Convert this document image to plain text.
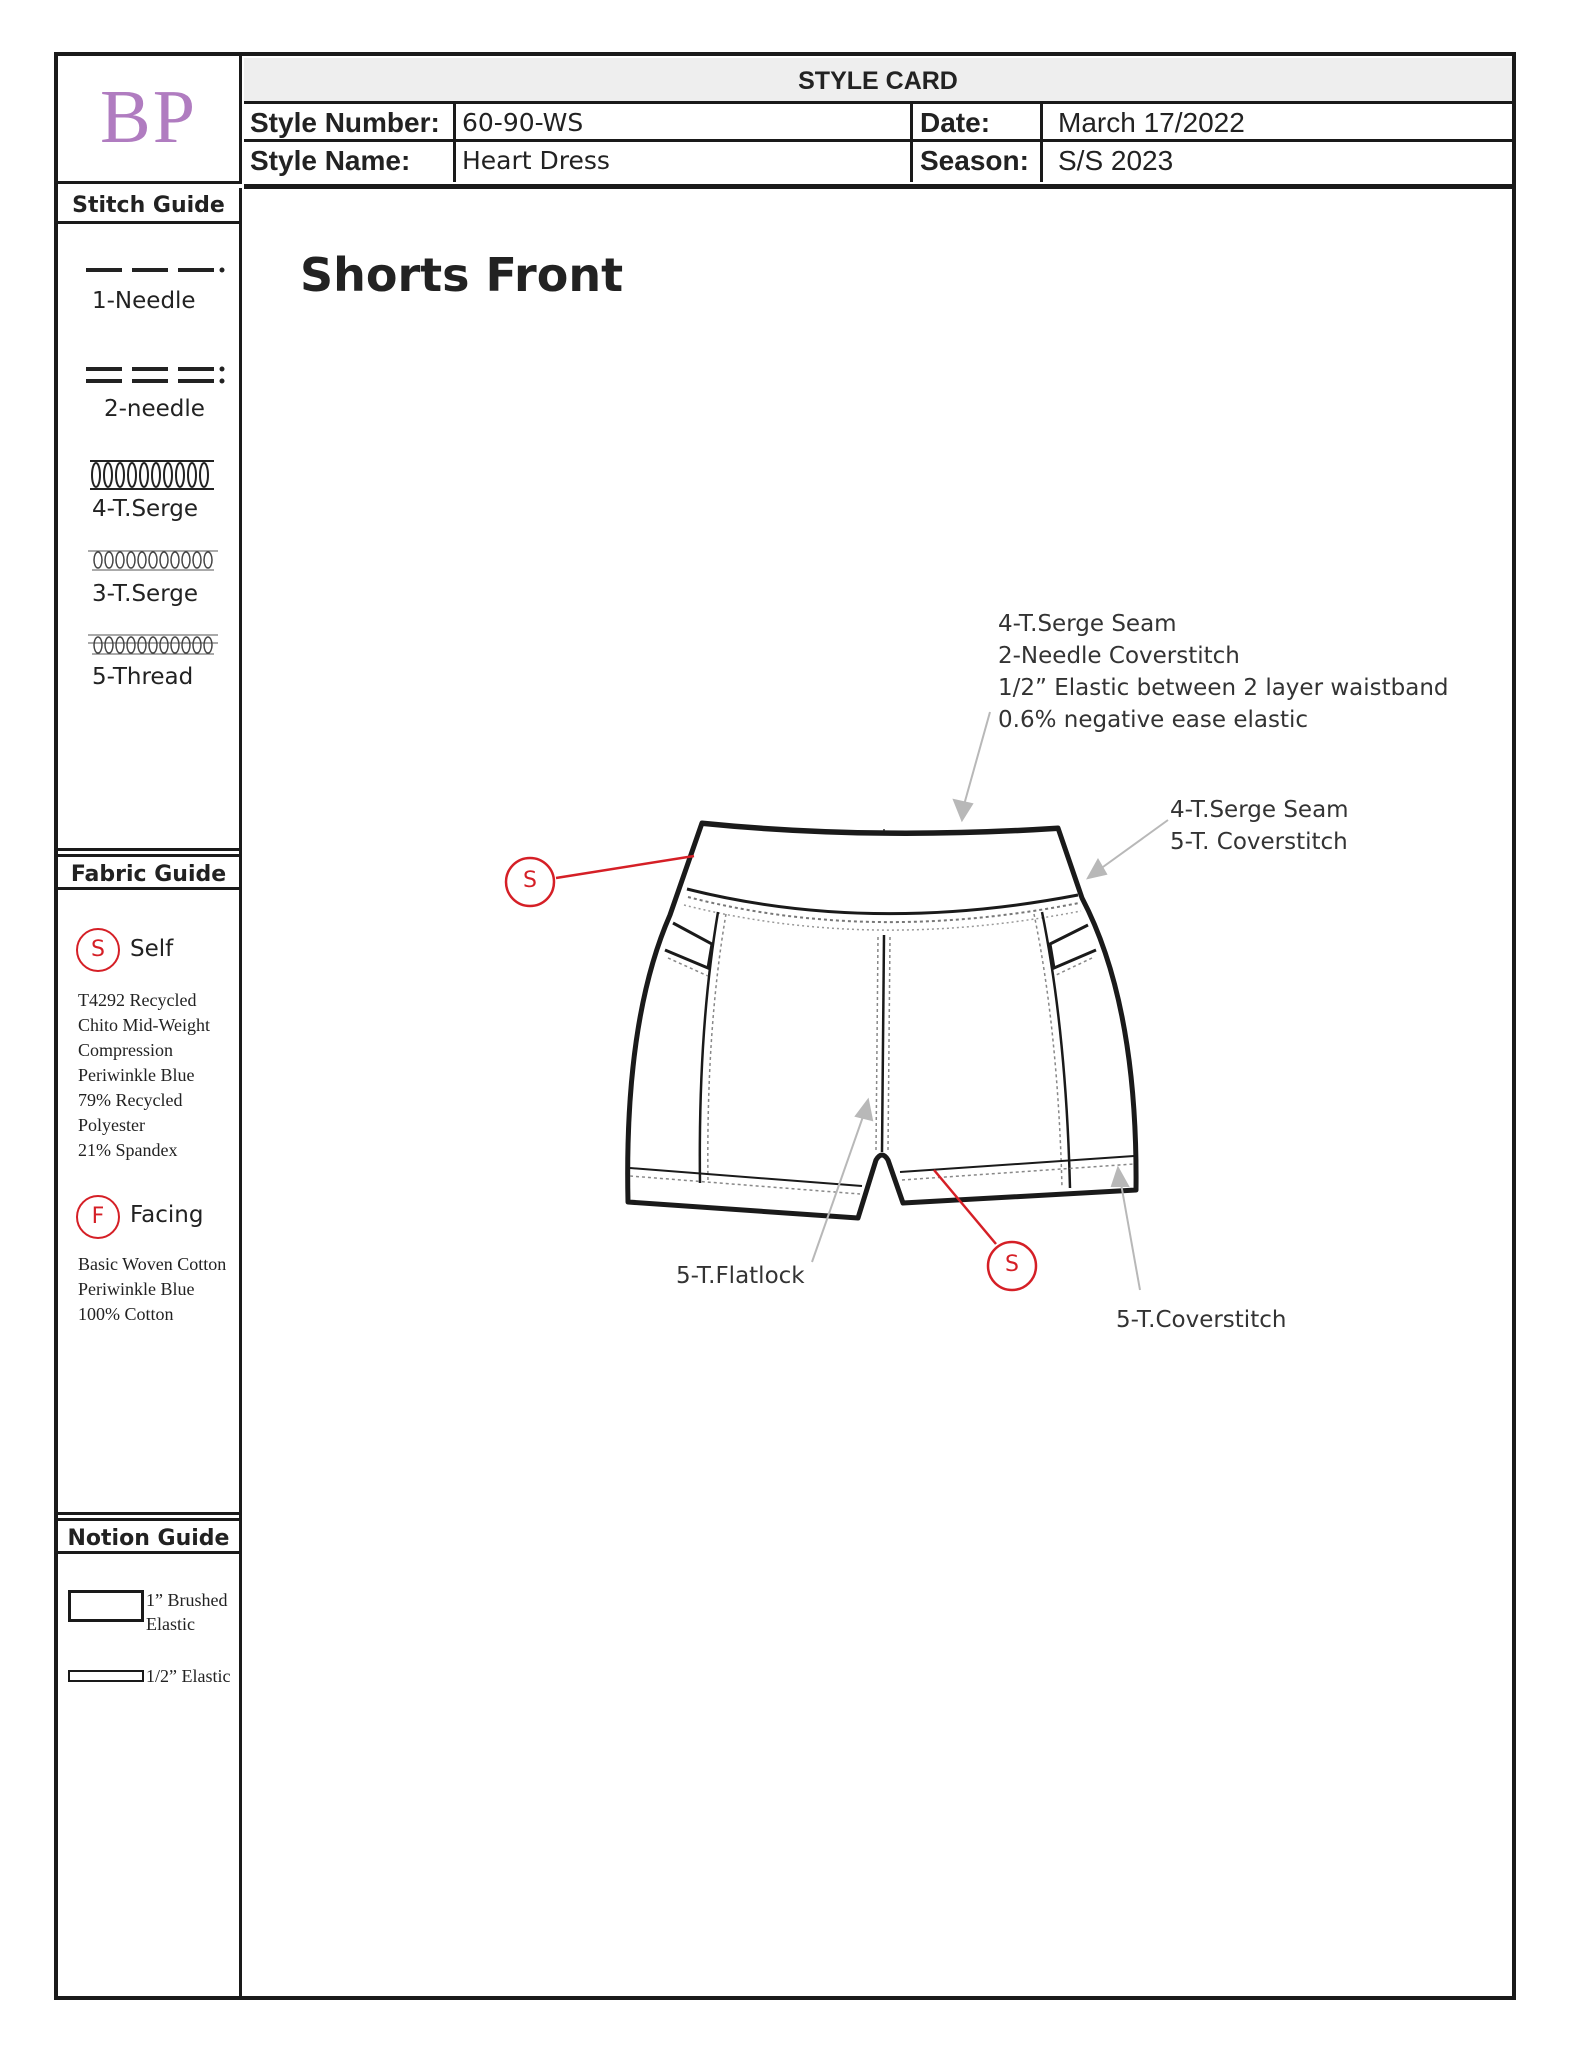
BP	STYLE CARD
Style Number: 60-90-WS	Date: March 17/2022
Style Name: Heart Dress	Season: S/S 2023
Stitch Guide
1-Needle
2-needle
4-T.Serge
3-T.Serge
5-Thread
Fabric Guide
S	Self
T4292 Recycled
Chito Mid-Weight
Compression
Periwinkle Blue
79% Recycled
Polyester
21% Spandex
F	Facing
Basic Woven Cotton
Periwinkle Blue
100% Cotton
Notion Guide
1” Brushed
Elastic
1/2” Elastic
Shorts Front
S
S
4-T.Serge Seam
2-Needle Coverstitch
1/2” Elastic between 2 layer waistband
0.6% negative ease elastic
4-T.Serge Seam
5-T. Coverstitch
5-T.Flatlock
5-T.Coverstitch
